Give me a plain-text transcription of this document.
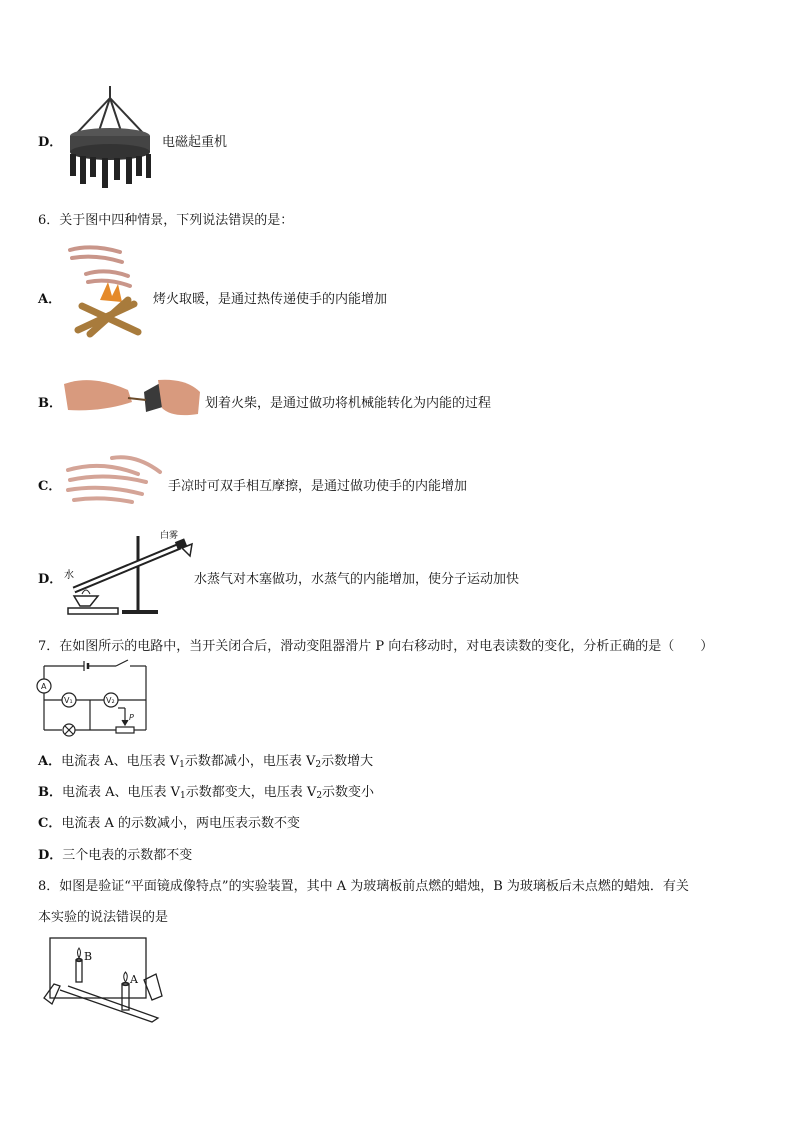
D．	电磁起重机
6．关于图中四种情景，下列说法错误的是：
A．	烤火取暖，是通过热传递使手的内能增加
B．	划着火柴，是通过做功将机械能转化为内能的过程
C．	手凉时可双手相互摩擦，是通过做功使手的内能增加
D． 水
白雾
水蒸气对木塞做功，水蒸气的内能增加，使分子运动加快
7．在如图所示的电路中，当开关闭合后，滑动变阻器滑片 P 向右移动时，对电表读数的变化，分析正确的是（　　）
A
V₁	V₂
P
A．电流表 A、电压表 $V_1$示数都减小，电压表 $V_2$示数增大
B．电流表 A、电压表 $V_1$示数都变大，电压表 $V_2$示数变小
C．电流表 A 的示数减小，两电压表示数不变
D．三个电表的示数都不变
8．如图是验证“平面镜成像特点”的实验装置，其中 A 为玻璃板前点燃的蜡烛，B 为玻璃板后未点燃的蜡烛．有关
本实验的说法错误的是
B
A
